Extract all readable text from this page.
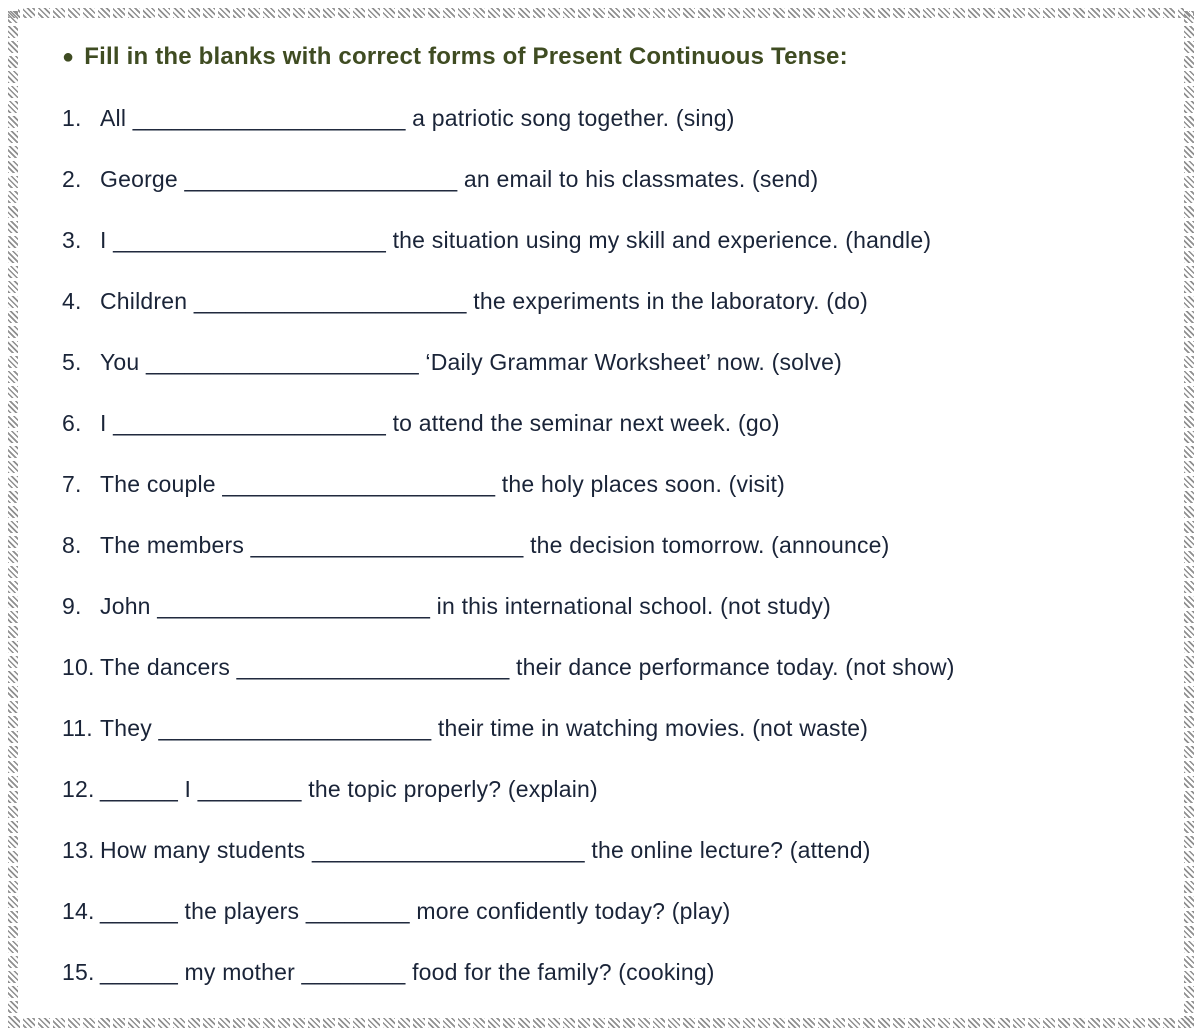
● Fill in the blanks with correct forms of Present Continuous Tense:
1. All _____________________ a patriotic song together. (sing)
2. George _____________________ an email to his classmates. (send)
3. I _____________________ the situation using my skill and experience. (handle)
4. Children _____________________ the experiments in the laboratory. (do)
5. You _____________________ ‘Daily Grammar Worksheet’ now. (solve)
6. I _____________________ to attend the seminar next week. (go)
7. The couple _____________________ the holy places soon. (visit)
8. The members _____________________ the decision tomorrow. (announce)
9. John _____________________ in this international school. (not study)
10. The dancers _____________________ their dance performance today. (not show)
11. They _____________________ their time in watching movies. (not waste)
12. ______ I ________ the topic properly? (explain)
13. How many students _____________________ the online lecture? (attend)
14. ______ the players ________ more confidently today? (play)
15. ______ my mother ________ food for the family? (cooking)
